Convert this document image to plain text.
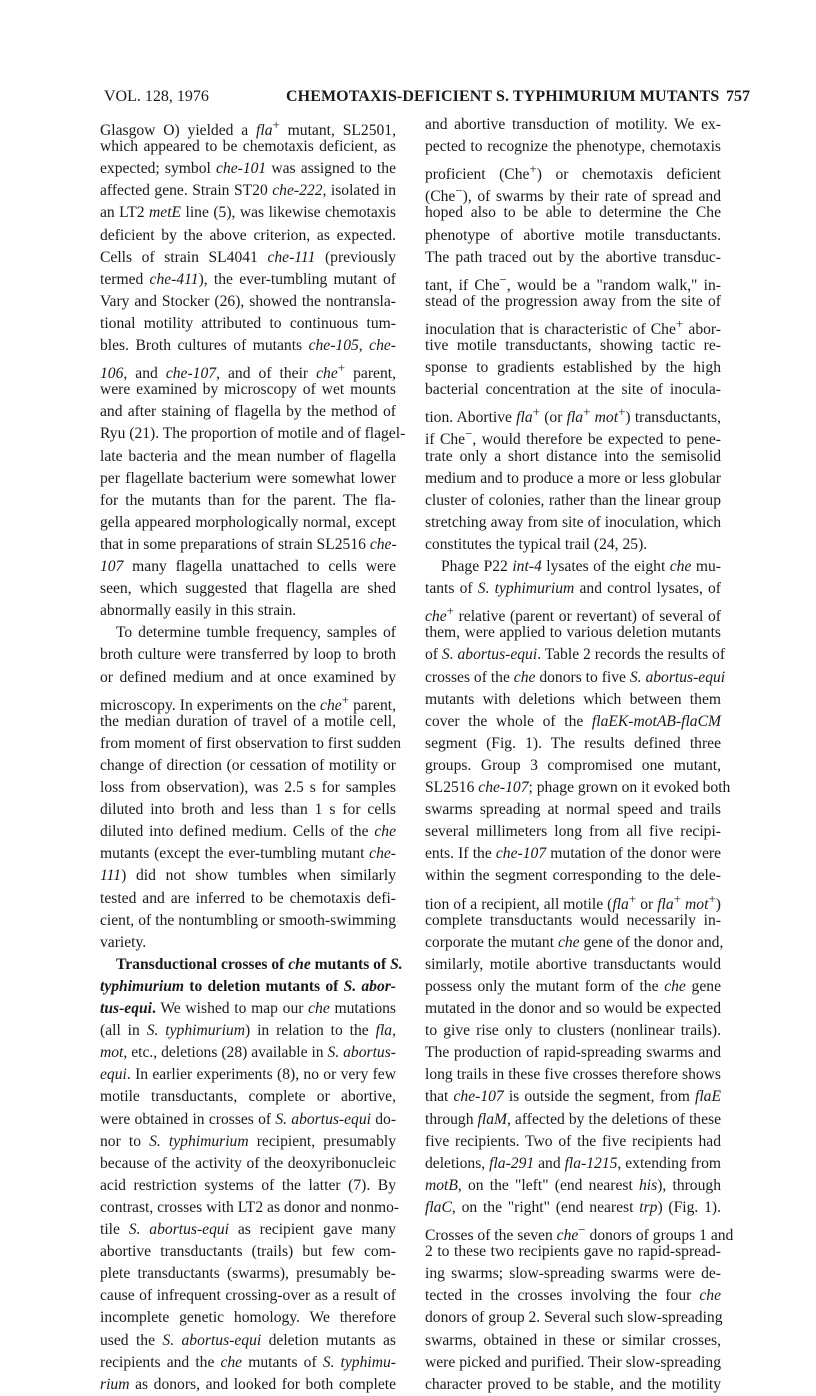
VOL. 128, 1976	CHEMOTAXIS-DEFICIENT S. TYPHIMURIUM MUTANTS 757
Glasgow O) yielded a fla+ mutant, SL2501,
which appeared to be chemotaxis deficient, as
expected; symbol che-101 was assigned to the
affected gene. Strain ST20 che-222, isolated in
an LT2 metE line (5), was likewise chemotaxis
deficient by the above criterion, as expected.
Cells of strain SL4041 che-111 (previously
termed che-411), the ever-tumbling mutant of
Vary and Stocker (26), showed the nontransla-
tional motility attributed to continuous tum-
bles. Broth cultures of mutants che-105, che-
106, and che-107, and of their che+ parent,
were examined by microscopy of wet mounts
and after staining of flagella by the method of
Ryu (21). The proportion of motile and of flagel-
late bacteria and the mean number of flagella
per flagellate bacterium were somewhat lower
for the mutants than for the parent. The fla-
gella appeared morphologically normal, except
that in some preparations of strain SL2516 che-
107 many flagella unattached to cells were
seen, which suggested that flagella are shed
abnormally easily in this strain.
To determine tumble frequency, samples of
broth culture were transferred by loop to broth
or defined medium and at once examined by
microscopy. In experiments on the che+ parent,
the median duration of travel of a motile cell,
from moment of first observation to first sudden
change of direction (or cessation of motility or
loss from observation), was 2.5 s for samples
diluted into broth and less than 1 s for cells
diluted into defined medium. Cells of the che
mutants (except the ever-tumbling mutant che-
111) did not show tumbles when similarly
tested and are inferred to be chemotaxis defi-
cient, of the nontumbling or smooth-swimming
variety.
Transductional crosses of che mutants of S.
typhimurium to deletion mutants of S. abor-
tus-equi. We wished to map our che mutations
(all in S. typhimurium) in relation to the fla,
mot, etc., deletions (28) available in S. abortus-
equi. In earlier experiments (8), no or very few
motile transductants, complete or abortive,
were obtained in crosses of S. abortus-equi do-
nor to S. typhimurium recipient, presumably
because of the activity of the deoxyribonucleic
acid restriction systems of the latter (7). By
contrast, crosses with LT2 as donor and nonmo-
tile S. abortus-equi as recipient gave many
abortive transductants (trails) but few com-
plete transductants (swarms), presumably be-
cause of infrequent crossing-over as a result of
incomplete genetic homology. We therefore
used the S. abortus-equi deletion mutants as
recipients and the che mutants of S. typhimu-
rium as donors, and looked for both complete
and abortive transduction of motility. We ex-
pected to recognize the phenotype, chemotaxis
proficient (Che+) or chemotaxis deficient
(Che−), of swarms by their rate of spread and
hoped also to be able to determine the Che
phenotype of abortive motile transductants.
The path traced out by the abortive transduc-
tant, if Che−, would be a "random walk," in-
stead of the progression away from the site of
inoculation that is characteristic of Che+ abor-
tive motile transductants, showing tactic re-
sponse to gradients established by the high
bacterial concentration at the site of inocula-
tion. Abortive fla+ (or fla+ mot+) transductants,
if Che−, would therefore be expected to pene-
trate only a short distance into the semisolid
medium and to produce a more or less globular
cluster of colonies, rather than the linear group
stretching away from site of inoculation, which
constitutes the typical trail (24, 25).
Phage P22 int-4 lysates of the eight che mu-
tants of S. typhimurium and control lysates, of
che+ relative (parent or revertant) of several of
them, were applied to various deletion mutants
of S. abortus-equi. Table 2 records the results of
crosses of the che donors to five S. abortus-equi
mutants with deletions which between them
cover the whole of the flaEK-motAB-flaCM
segment (Fig. 1). The results defined three
groups. Group 3 compromised one mutant,
SL2516 che-107; phage grown on it evoked both
swarms spreading at normal speed and trails
several millimeters long from all five recipi-
ents. If the che-107 mutation of the donor were
within the segment corresponding to the dele-
tion of a recipient, all motile (fla+ or fla+ mot+)
complete transductants would necessarily in-
corporate the mutant che gene of the donor and,
similarly, motile abortive transductants would
possess only the mutant form of the che gene
mutated in the donor and so would be expected
to give rise only to clusters (nonlinear trails).
The production of rapid-spreading swarms and
long trails in these five crosses therefore shows
that che-107 is outside the segment, from flaE
through flaM, affected by the deletions of these
five recipients. Two of the five recipients had
deletions, fla-291 and fla-1215, extending from
motB, on the "left" (end nearest his), through
flaC, on the "right" (end nearest trp) (Fig. 1).
Crosses of the seven che− donors of groups 1 and
2 to these two recipients gave no rapid-spread-
ing swarms; slow-spreading swarms were de-
tected in the crosses involving the four che
donors of group 2. Several such slow-spreading
swarms, obtained in these or similar crosses,
were picked and purified. Their slow-spreading
character proved to be stable, and the motility
